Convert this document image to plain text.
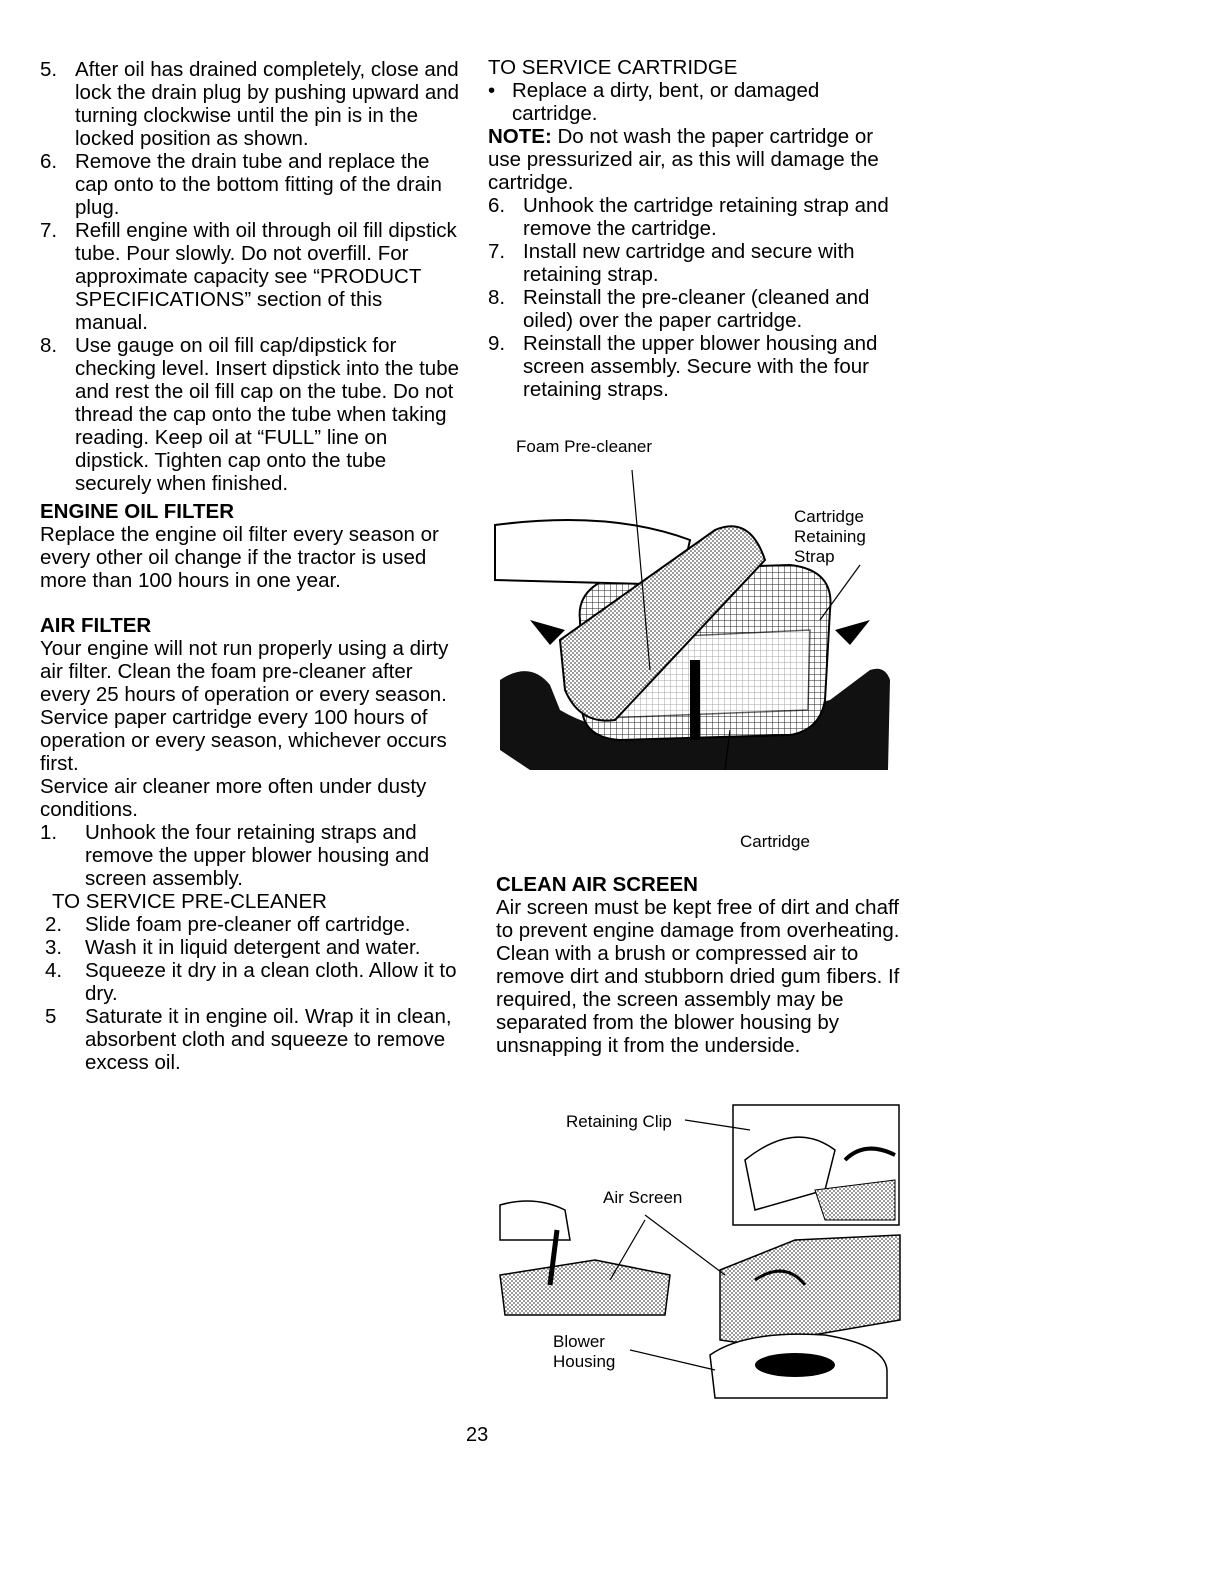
5. After oil has drained completely, close and lock the drain plug by pushing upward and turning clockwise until the pin is in the locked position as shown.
6. Remove the drain tube and replace the cap onto to the bottom fitting of the drain plug.
7. Refill engine with oil through oil fill dipstick tube. Pour slowly. Do not overfill. For approximate capacity see “PRODUCT SPECIFICATIONS” section of this manual.
8. Use gauge on oil fill cap/dipstick for checking level. Insert dipstick into the tube and rest the oil fill cap on the tube. Do not thread the cap onto the tube when taking reading. Keep oil at “FULL” line on dipstick. Tighten cap onto the tube securely when finished.
ENGINE OIL FILTER

Replace the engine oil filter every season or every other oil change if the tractor is used more than 100 hours in one year.

AIR FILTER

Your engine will not run properly using a dirty air filter. Clean the foam pre-cleaner after every 25 hours of operation or every season. Service paper cartridge every 100 hours of operation or every season, whichever occurs first.

Service air cleaner more often under dusty conditions.

1. Unhook the four retaining straps and remove the upper blower housing and screen assembly.

TO SERVICE PRE-CLEANER

2. Slide foam pre-cleaner off cartridge.
3. Wash it in liquid detergent and water.
4. Squeeze it dry in a clean cloth. Allow it to dry.
5 Saturate it in engine oil. Wrap it in clean, absorbent cloth and squeeze to remove excess oil.

TO SERVICE CARTRIDGE

• Replace a dirty, bent, or damaged cartridge.

NOTE: Do not wash the paper cartridge or use pressurized air, as this will damage the cartridge.

6. Unhook the cartridge retaining strap and remove the cartridge.
7. Install new cartridge and secure with retaining strap.
8. Reinstall the pre-cleaner (cleaned and oiled) over the paper cartridge.
9. Reinstall the upper blower housing and screen assembly. Secure with the four retaining straps.
Foam Pre-cleaner
Cartridge
Retaining
Strap
Cartridge
CLEAN AIR SCREEN

Air screen must be kept free of dirt and chaff to prevent engine damage from overheating. Clean with a brush or compressed air to remove dirt and stubborn dried gum fibers. If required, the screen assembly may be separated from the blower housing by unsnapping it from the underside.

Retaining Clip
Air Screen
Blower
Housing
23
